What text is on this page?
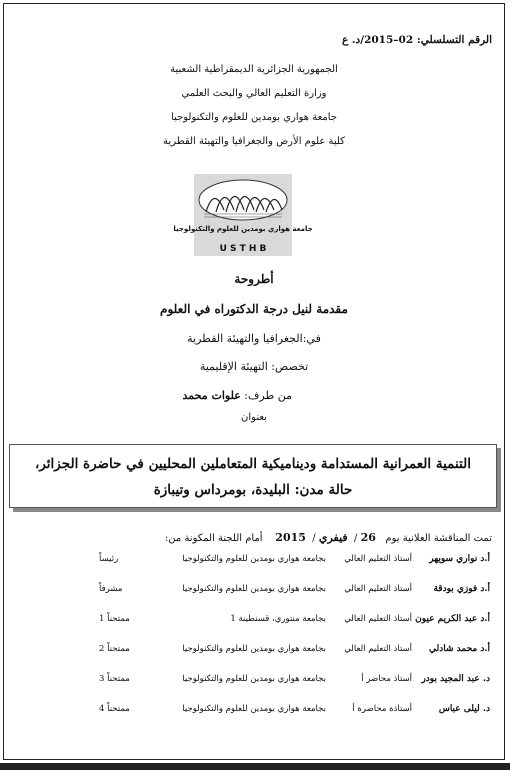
الرقم التسلسلي: 02–2015/د. ع
الجمهورية الجزائرية الديمقراطية الشعبية
وزارة التعليم العالي والبحث العلمي
جامعة هواري بومدين للعلوم والتكنولوجيا
كلية علوم الأرض والجغرافيا والتهيئة القطرية
جامعة هواري بومدين للعلوم والتكنولوجيا
U S T H B
أطروحة
مقدمة لنيل درجة الدكتوراه في العلوم
في:الجغرافيا والتهيئة القطرية
تخصص: التهيئة الإقليمية
من طرف: علوات محمد
بعنوان
التنمية العمرانية المستدامة وديناميكية المتعاملين المحليين في حاضرة الجزائر،
حالة مدن: البليدة، بومرداس وتيبازة
تمت المناقشة العلانية يوم   26 /  فيفري /  2015    أمام اللجنة المكونة من:
أ.د نواري سويهر
أستاذ التعليم العالي
بجامعة هواري بومدين للعلوم والتكنولوجيا
رئيساً
أ.د فوزي بودقة
أستاذ التعليم العالي
بجامعة هواري بومدين للعلوم والتكنولوجيا
مشرفاً
أ.د عبد الكريم عيون
أستاذ التعليم العالي
بجامعة منتوري، قسنطينة 1
ممتحناً 1
أ.د محمد شادلي
أستاذ التعليم العالي
بجامعة هواري بومدين للعلوم والتكنولوجيا
ممتحناً 2
د. عبد المجيد بودر
أستاذ محاضر أ
بجامعة هواري بومدين للعلوم والتكنولوجيا
ممتحناً 3
د. ليلى عباس
أستاذة محاضرة أ
بجامعة هواري بومدين للعلوم والتكنولوجيا
ممتحناً 4
